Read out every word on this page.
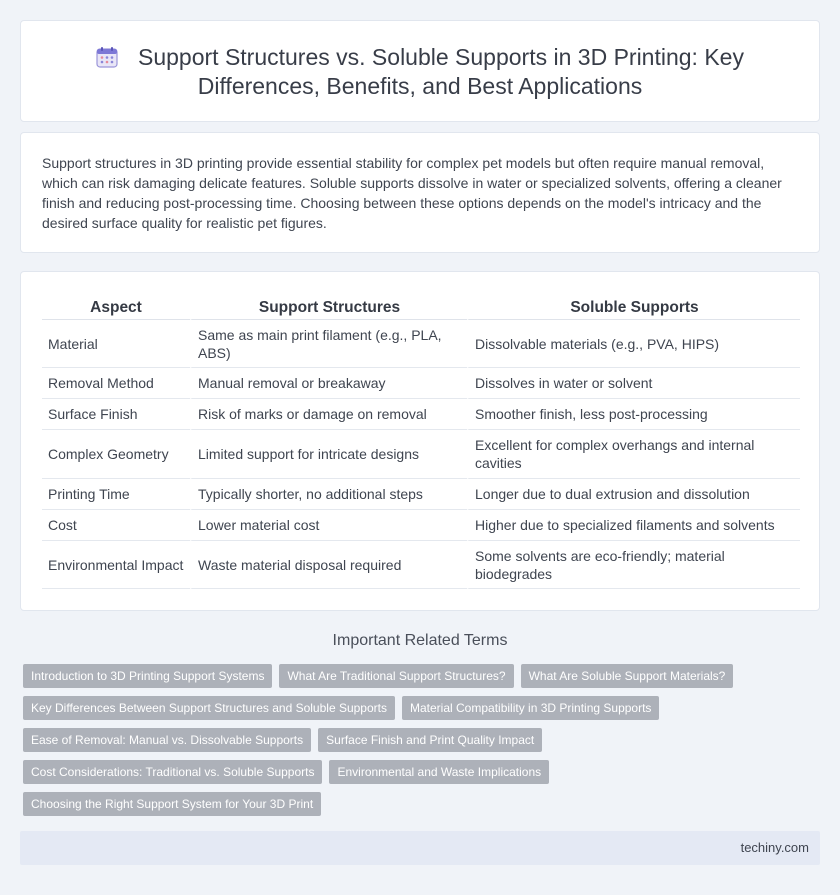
Support Structures vs. Soluble Supports in 3D Printing: Key Differences, Benefits, and Best Applications

Support structures in 3D printing provide essential stability for complex pet models but often require manual removal, which can risk damaging delicate features. Soluble supports dissolve in water or specialized solvents, offering a cleaner finish and reducing post-processing time. Choosing between these options depends on the model's intricacy and the desired surface quality for realistic pet figures.

Aspect	Support Structures	Soluble Supports
Material	Same as main print filament (e.g., PLA, ABS)	Dissolvable materials (e.g., PVA, HIPS)
Removal Method	Manual removal or breakaway	Dissolves in water or solvent
Surface Finish	Risk of marks or damage on removal	Smoother finish, less post-processing
Complex Geometry	Limited support for intricate designs	Excellent for complex overhangs and internal cavities
Printing Time	Typically shorter, no additional steps	Longer due to dual extrusion and dissolution
Cost	Lower material cost	Higher due to specialized filaments and solvents
Environmental Impact	Waste material disposal required	Some solvents are eco-friendly; material biodegrades
Important Related Terms
Introduction to 3D Printing Support Systems	What Are Traditional Support Structures?	What Are Soluble Support Materials?
Key Differences Between Support Structures and Soluble Supports	Material Compatibility in 3D Printing Supports
Ease of Removal: Manual vs. Dissolvable Supports	Surface Finish and Print Quality Impact
Cost Considerations: Traditional vs. Soluble Supports	Environmental and Waste Implications
Choosing the Right Support System for Your 3D Print
techiny.com
